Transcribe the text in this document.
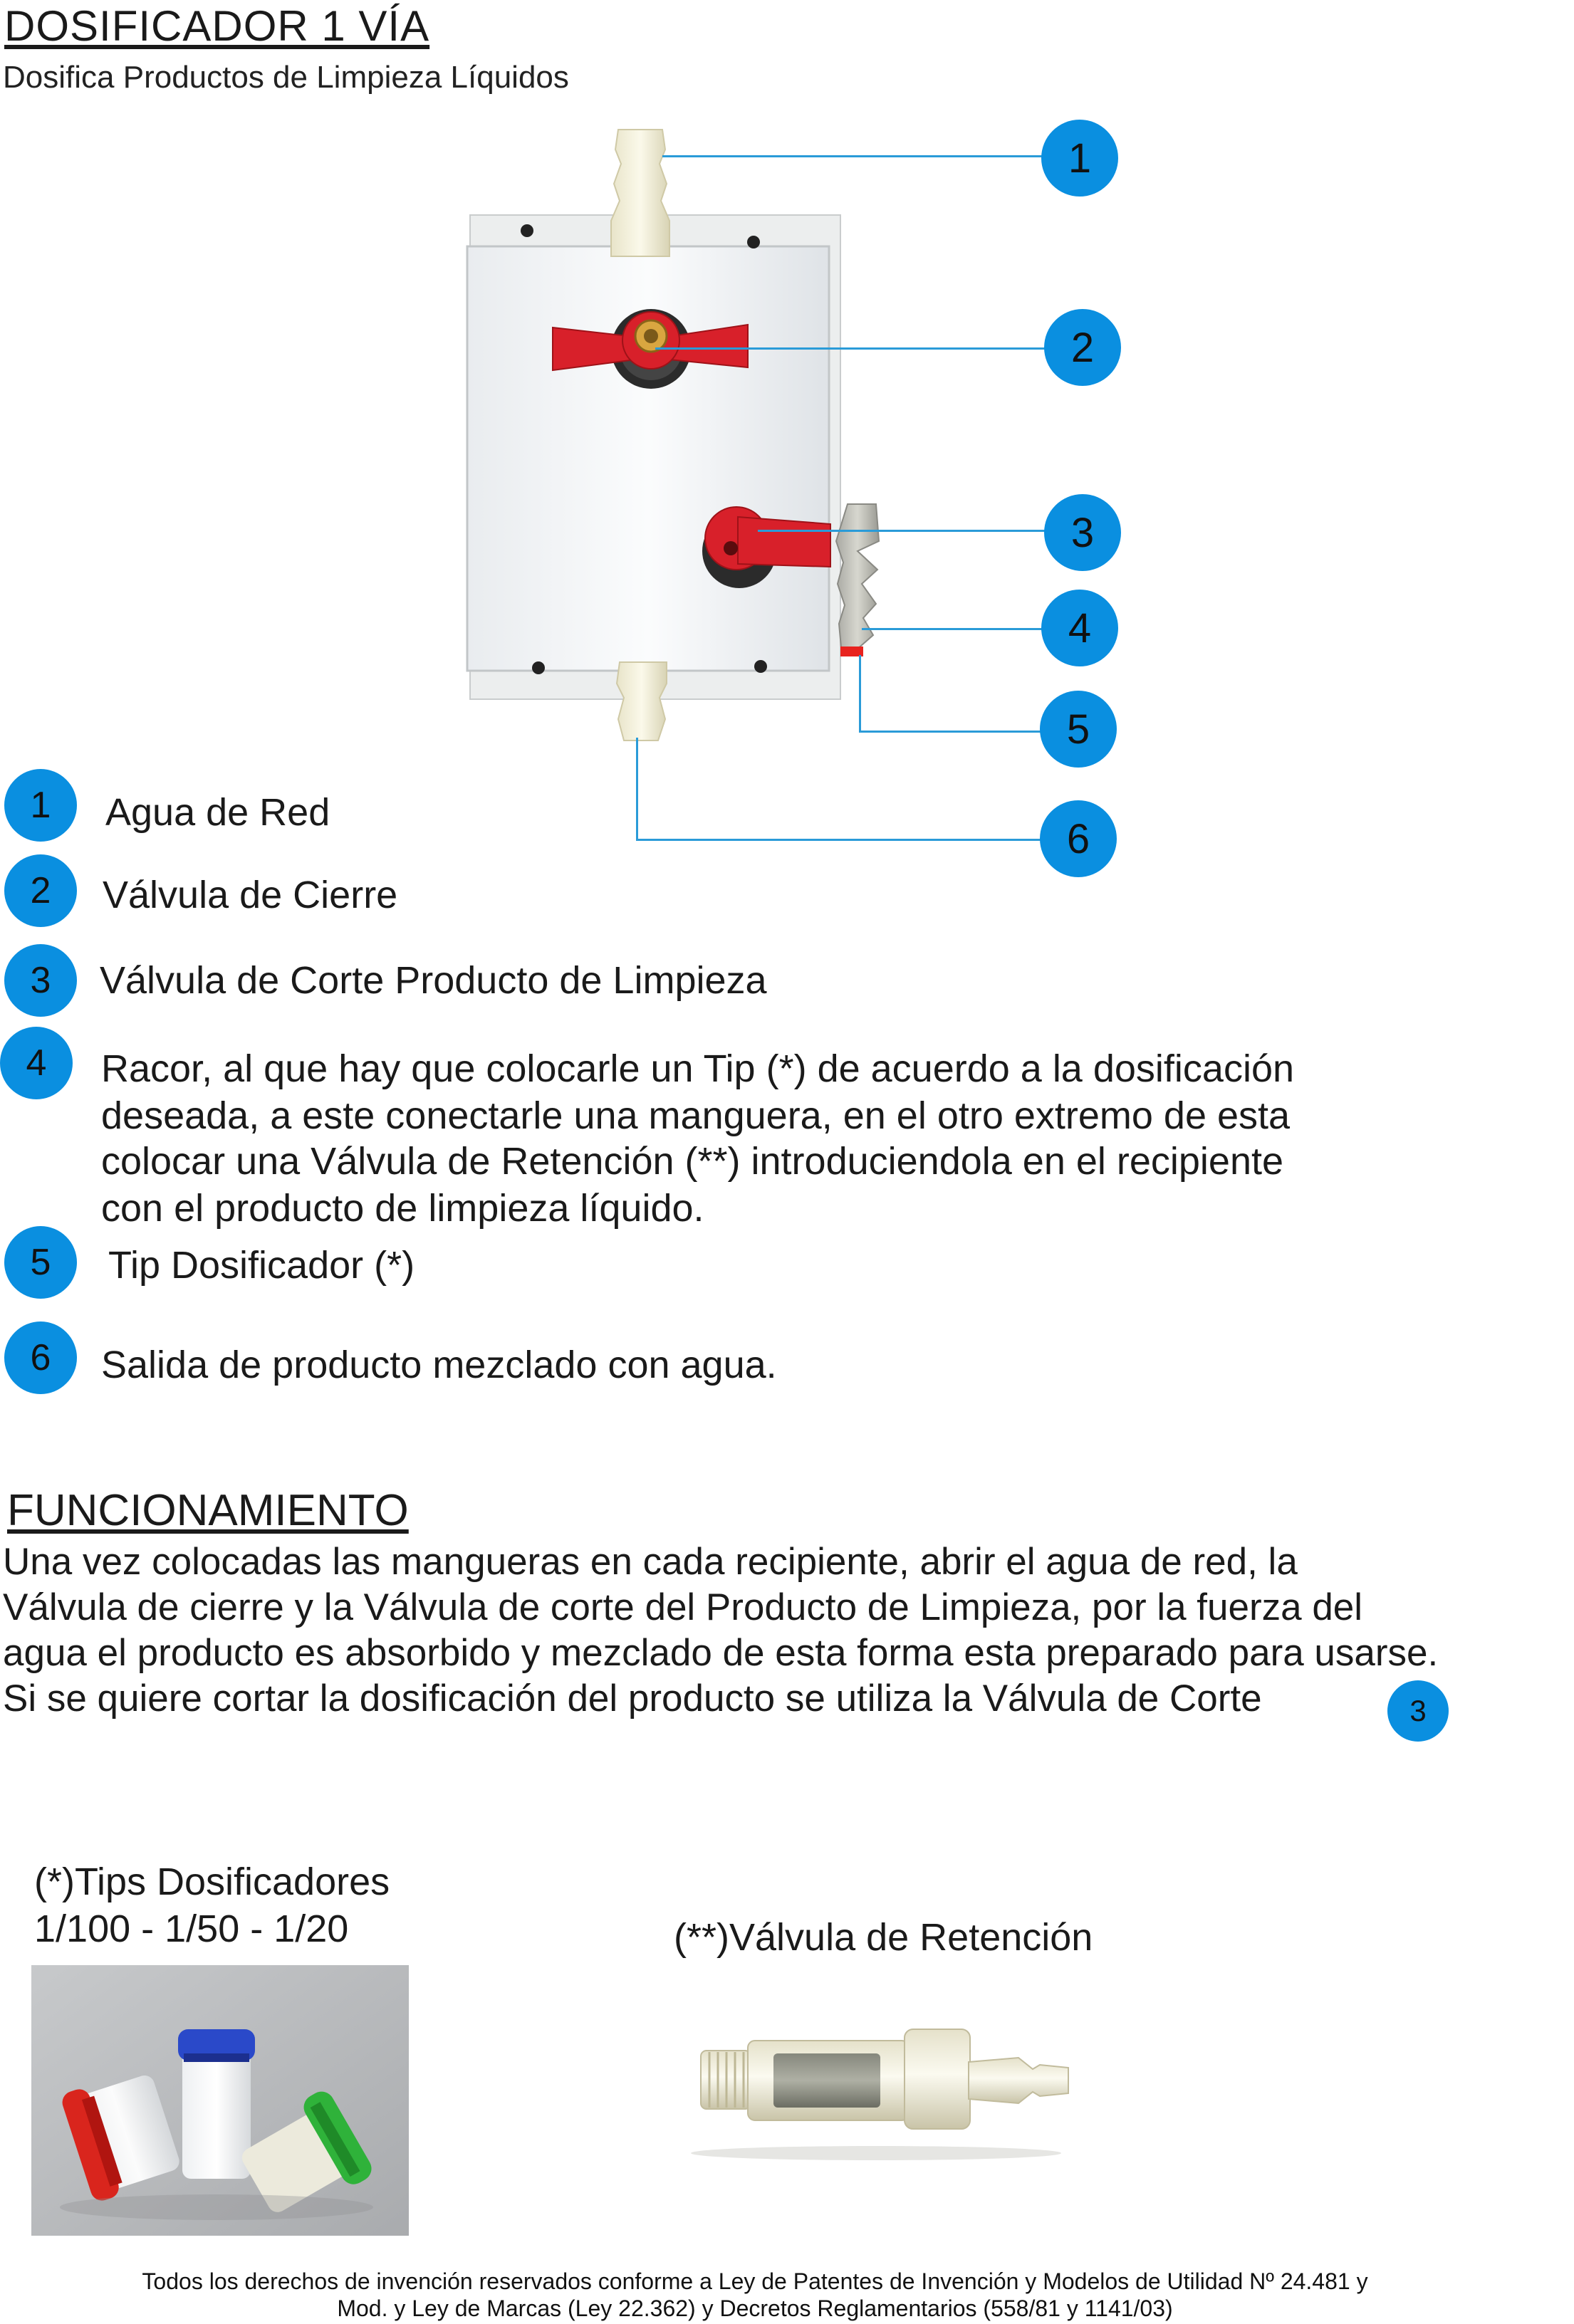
DOSIFICADOR 1 VÍA
Dosifica Productos de Limpieza Líquidos
1
2
3
4
5
6
1	Agua de Red
2	Válvula de Cierre
3	Válvula de Corte Producto de Limpieza
4	Racor, al que hay que colocarle un Tip (*) de acuerdo a la dosificación
deseada, a este conectarle una manguera, en el otro extremo de esta
colocar una Válvula de Retención (**) introduciendola en el recipiente
con el producto de limpieza líquido.
5	Tip Dosificador (*)
6	Salida de producto mezclado con agua.
FUNCIONAMIENTO
Una vez colocadas las mangueras en cada recipiente, abrir el agua de red, la
Válvula de cierre y la Válvula de corte del Producto de Limpieza, por la fuerza del
agua el producto es absorbido y mezclado de esta forma esta preparado para usarse.
Si se quiere cortar la dosificación del producto se utiliza la Válvula de Corte	3
(*)Tips Dosificadores
1/100 - 1/50 - 1/20	(**)Válvula de Retención
Todos los derechos de invención reservados conforme a Ley de Patentes de Invención y Modelos de Utilidad Nº 24.481 y
Mod. y Ley de Marcas (Ley 22.362) y Decretos Reglamentarios (558/81 y 1141/03)
